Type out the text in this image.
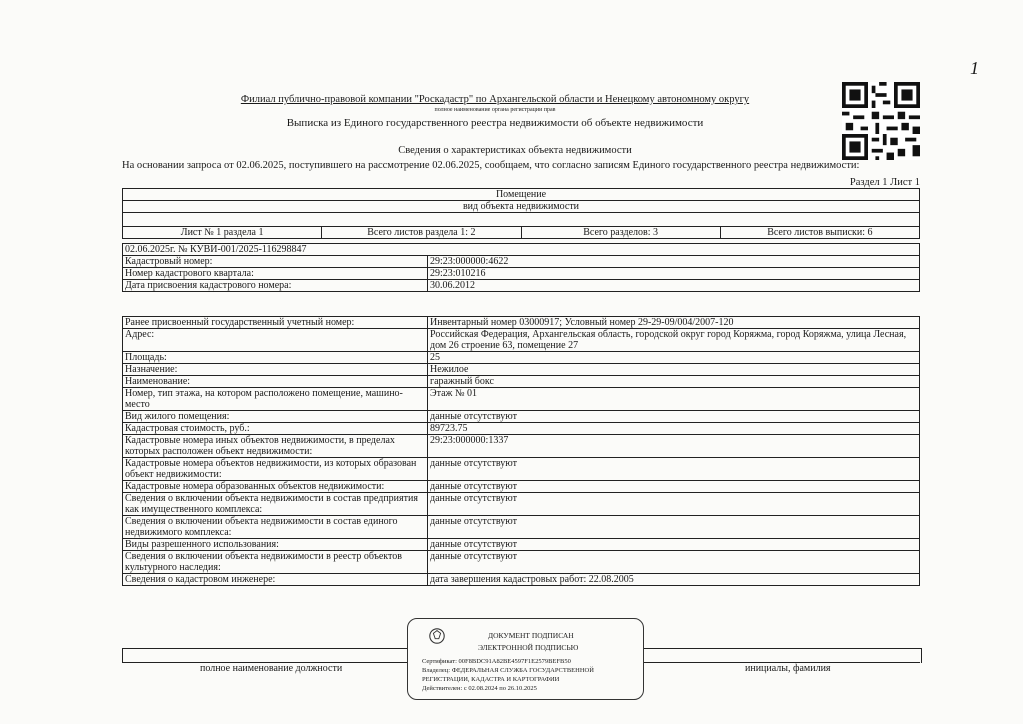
1
Филиал публично-правовой компании "Роскадастр" по Архангельской области и Ненецкому автономному округу
полное наименование органа регистрации прав
Выписка из Единого государственного реестра недвижимости об объекте недвижимости
Сведения о характеристиках объекта недвижимости
На основании запроса от 02.06.2025, поступившего на рассмотрение 02.06.2025, сообщаем, что согласно записям Единого государственного реестра недвижимости:
Раздел 1 Лист 1
Помещение
вид объекта недвижимости

Лист № 1 раздела 1	Всего листов раздела 1: 2	Всего разделов: 3	Всего листов выписки: 6
02.06.2025г. № КУВИ-001/2025-116298847	
Кадастровый номер:	29:23:000000:4622
Номер кадастрового квартала:	29:23:010216
Дата присвоения кадастрового номера:	30.06.2012
Ранее присвоенный государственный учетный номер:	Инвентарный номер 03000917; Условный номер 29-29-09/004/2007-120
Адрес:	Российская Федерация, Архангельская область, городской округ город Коряжма, город Коряжма, улица Лесная, дом 26 строение 63, помещение 27
Площадь:	25
Назначение:	Нежилое
Наименование:	гаражный бокс
Номер, тип этажа, на котором расположено помещение, машино-место	Этаж № 01
Вид жилого помещения:	данные отсутствуют
Кадастровая стоимость, руб.:	89723.75
Кадастровые номера иных объектов недвижимости, в пределах которых расположен объект недвижимости:	29:23:000000:1337
Кадастровые номера объектов недвижимости, из которых образован объект недвижимости:	данные отсутствуют
Кадастровые номера образованных объектов недвижимости:	данные отсутствуют
Сведения о включении объекта недвижимости в состав предприятия как имущественного комплекса:	данные отсутствуют
Сведения о включении объекта недвижимости в состав единого недвижимого комплекса:	данные отсутствуют
Виды разрешенного использования:	данные отсутствуют
Сведения о включении объекта недвижимости в реестр объектов культурного наследия:	данные отсутствуют
Сведения о кадастровом инженере:	дата завершения кадастровых работ: 22.08.2005
полное наименование должности	инициалы, фамилия
ДОКУМЕНТ ПОДПИСАН
ЭЛЕКТРОННОЙ ПОДПИСЬЮ
Сертификат: 00F8BDC91A82BE4597F1E2579BEFB50
Владелец: ФЕДЕРАЛЬНАЯ СЛУЖБА ГОСУДАРСТВЕННОЙ
РЕГИСТРАЦИИ, КАДАСТРА И КАРТОГРАФИИ
Действителен: с 02.08.2024 по 26.10.2025
